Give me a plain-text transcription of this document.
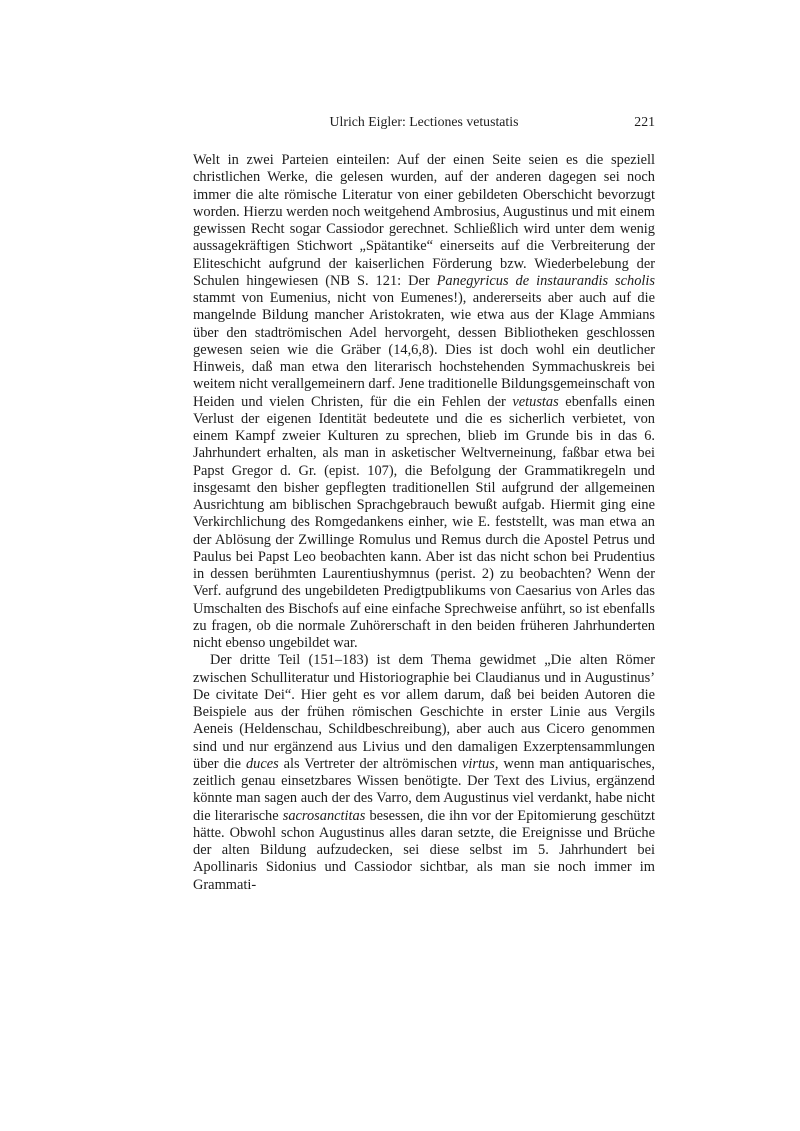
Ulrich Eigler: Lectiones vetustatis	221

Welt in zwei Parteien einteilen: Auf der einen Seite seien es die speziell christlichen Werke, die gelesen wurden, auf der anderen dagegen sei noch immer die alte römische Literatur von einer gebildeten Oberschicht bevorzugt worden. Hierzu werden noch weitgehend Ambrosius, Augustinus und mit einem gewissen Recht sogar Cassiodor gerechnet. Schließlich wird unter dem wenig aussagekräftigen Stichwort „Spätantike“ einerseits auf die Verbreiterung der Eliteschicht aufgrund der kaiserlichen Förderung bzw. Wiederbelebung der Schulen hingewiesen (NB S. 121: Der Panegyricus de instaurandis scholis stammt von Eumenius, nicht von Eumenes!), andererseits aber auch auf die mangelnde Bildung mancher Aristokraten, wie etwa aus der Klage Ammians über den stadtrömischen Adel hervorgeht, dessen Bibliotheken geschlossen gewesen seien wie die Gräber (14,6,8). Dies ist doch wohl ein deutlicher Hinweis, daß man etwa den literarisch hochstehenden Symmachuskreis bei weitem nicht verallgemeinern darf. Jene traditionelle Bildungsgemeinschaft von Heiden und vielen Christen, für die ein Fehlen der vetustas ebenfalls einen Verlust der eigenen Identität bedeutete und die es sicherlich verbietet, von einem Kampf zweier Kulturen zu sprechen, blieb im Grunde bis in das 6. Jahrhundert erhalten, als man in asketischer Weltverneinung, faßbar etwa bei Papst Gregor d. Gr. (epist. 107), die Befolgung der Grammatikregeln und insgesamt den bisher gepflegten traditionellen Stil aufgrund der allgemeinen Ausrichtung am biblischen Sprachgebrauch bewußt aufgab. Hiermit ging eine Verkirchlichung des Romgedankens einher, wie E. feststellt, was man etwa an der Ablösung der Zwillinge Romulus und Remus durch die Apostel Petrus und Paulus bei Papst Leo beobachten kann. Aber ist das nicht schon bei Prudentius in dessen berühmten Laurentiushymnus (perist. 2) zu beobachten? Wenn der Verf. aufgrund des ungebildeten Predigtpublikums von Caesarius von Arles das Umschalten des Bischofs auf eine einfache Sprechweise anführt, so ist ebenfalls zu fragen, ob die normale Zuhörerschaft in den beiden früheren Jahrhunderten nicht ebenso ungebildet war.

Der dritte Teil (151–183) ist dem Thema gewidmet „Die alten Römer zwischen Schulliteratur und Historiographie bei Claudianus und in Augustinus’ De civitate Dei“. Hier geht es vor allem darum, daß bei beiden Autoren die Beispiele aus der frühen römischen Geschichte in erster Linie aus Vergils Aeneis (Heldenschau, Schildbeschreibung), aber auch aus Cicero genommen sind und nur ergänzend aus Livius und den damaligen Exzerptensammlungen über die duces als Vertreter der altrömischen virtus, wenn man antiquarisches, zeitlich genau einsetzbares Wissen benötigte. Der Text des Livius, ergänzend könnte man sagen auch der des Varro, dem Augustinus viel verdankt, habe nicht die literarische sacrosanctitas besessen, die ihn vor der Epitomierung geschützt hätte. Obwohl schon Augustinus alles daran setzte, die Ereignisse und Brüche der alten Bildung aufzudecken, sei diese selbst im 5. Jahrhundert bei Apollinaris Sidonius und Cassiodor sichtbar, als man sie noch immer im Grammati-
